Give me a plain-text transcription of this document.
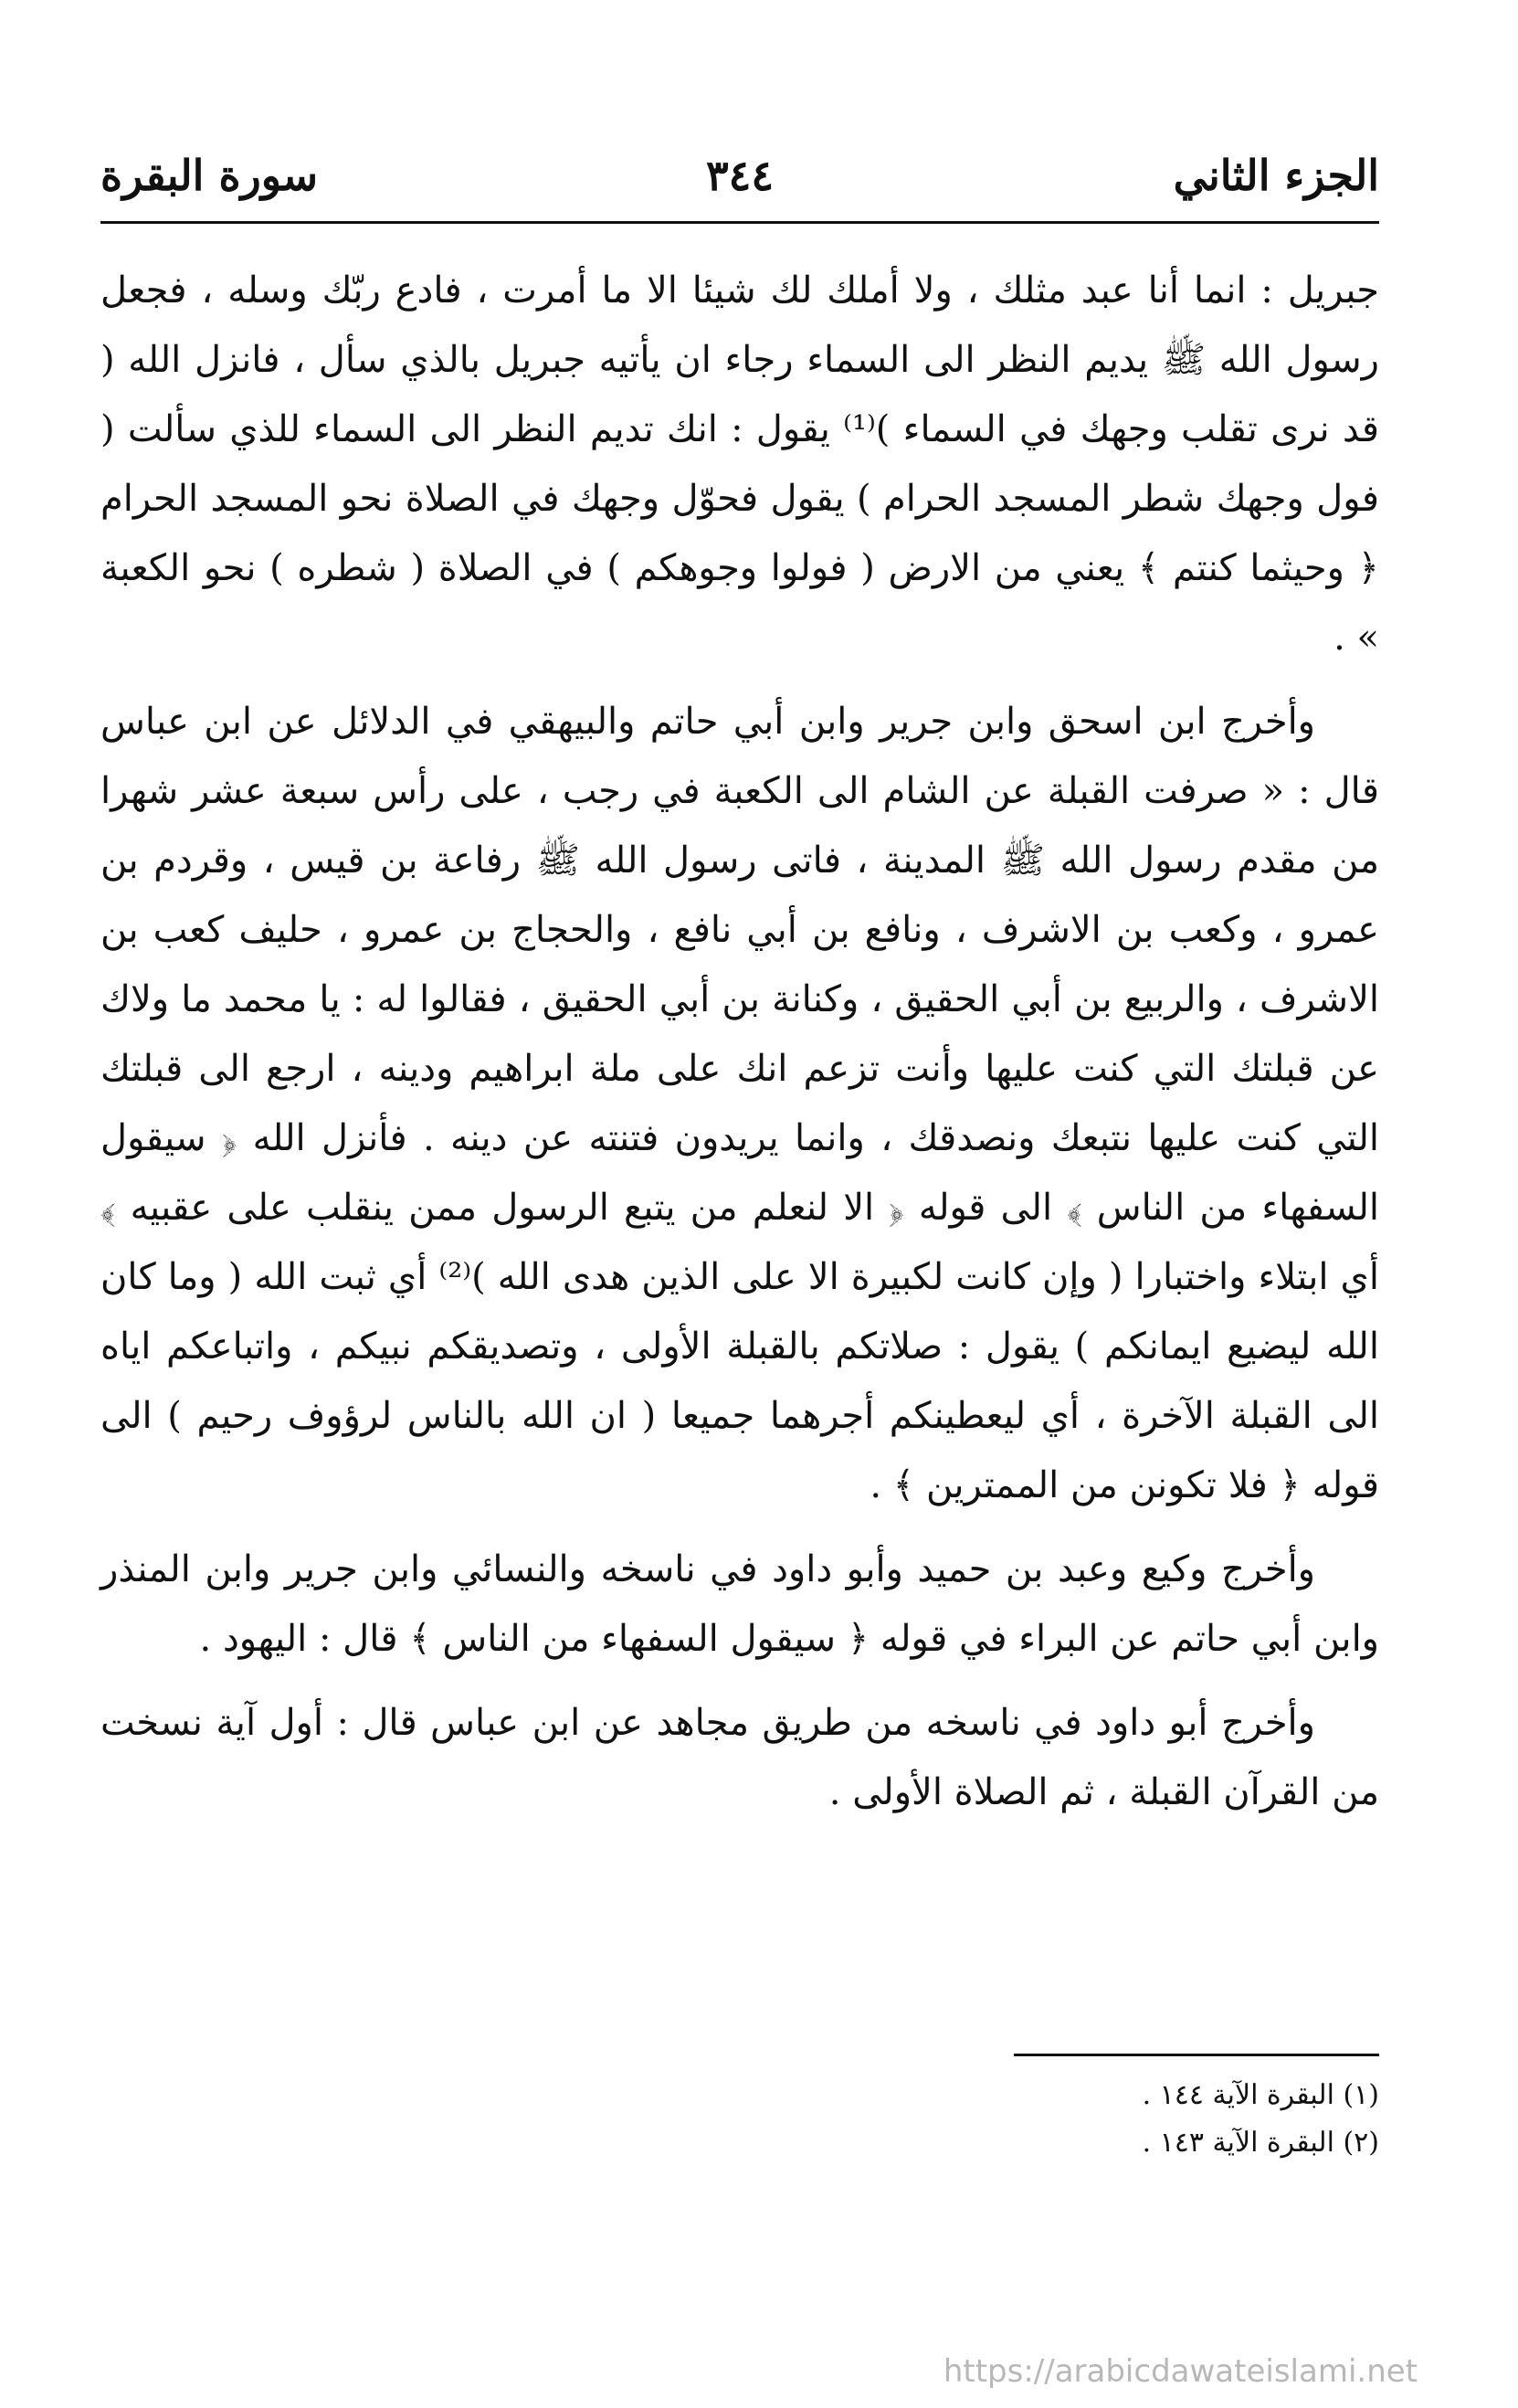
الجزء الثاني
٣٤٤
سورة البقرة

جبريل : انما أنا عبد مثلك ، ولا أملك لك شيئا الا ما أمرت ، فادع ربّك وسله ، فجعل رسول الله ﷺ يديم النظر الى السماء رجاء ان يأتيه جبريل بالذي سأل ، فانزل الله ( قد نرى تقلب وجهك في السماء )⁽¹⁾ يقول : انك تديم النظر الى السماء للذي سألت ( فول وجهك شطر المسجد الحرام ) يقول فحوّل وجهك في الصلاة نحو المسجد الحرام ﴿ وحيثما كنتم ﴾ يعني من الارض ( فولوا وجوهكم ) في الصلاة ( شطره ) نحو الكعبة » .

وأخرج ابن اسحق وابن جرير وابن أبي حاتم والبيهقي في الدلائل عن ابن عباس قال : « صرفت القبلة عن الشام الى الكعبة في رجب ، على رأس سبعة عشر شهرا من مقدم رسول الله ﷺ المدينة ، فاتى رسول الله ﷺ رفاعة بن قيس ، وقردم بن عمرو ، وكعب بن الاشرف ، ونافع بن أبي نافع ، والحجاج بن عمرو ، حليف كعب بن الاشرف ، والربيع بن أبي الحقيق ، وكنانة بن أبي الحقيق ، فقالوا له : يا محمد ما ولاك عن قبلتك التي كنت عليها وأنت تزعم انك على ملة ابراهيم ودينه ، ارجع الى قبلتك التي كنت عليها نتبعك ونصدقك ، وانما يريدون فتنته عن دينه . فأنزل الله ﴿ سيقول السفهاء من الناس ﴾ الى قوله ﴿ الا لنعلم من يتبع الرسول ممن ينقلب على عقبيه ﴾ أي ابتلاء واختبارا ( وإن كانت لكبيرة الا على الذين هدى الله )⁽²⁾ أي ثبت الله ( وما كان الله ليضيع ايمانكم ) يقول : صلاتكم بالقبلة الأولى ، وتصديقكم نبيكم ، واتباعكم اياه الى القبلة الآخرة ، أي ليعطينكم أجرهما جميعا ( ان الله بالناس لرؤوف رحيم ) الى قوله ﴿ فلا تكونن من الممترين ﴾ .

وأخرج وكيع وعبد بن حميد وأبو داود في ناسخه والنسائي وابن جرير وابن المنذر وابن أبي حاتم عن البراء في قوله ﴿ سيقول السفهاء من الناس ﴾ قال : اليهود .

وأخرج أبو داود في ناسخه من طريق مجاهد عن ابن عباس قال : أول آية نسخت من القرآن القبلة ، ثم الصلاة الأولى .

(١) البقرة الآية ١٤٤ .

(٢) البقرة الآية ١٤٣ .

https://arabicdawateislami.net
